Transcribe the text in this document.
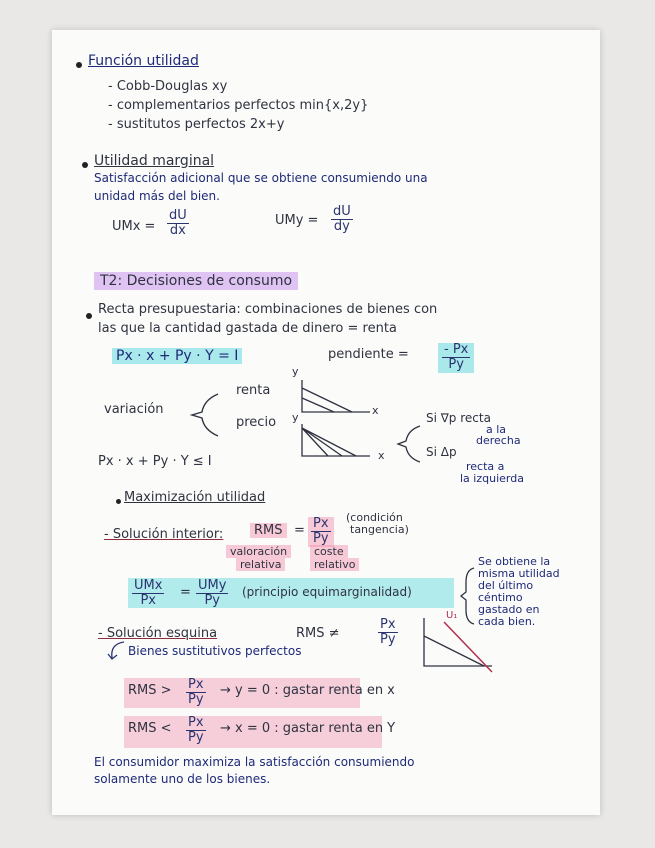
Función utilidad
- Cobb-Douglas xy
- complementarios perfectos min{x,2y}
- sustitutos perfectos 2x+y
Utilidad marginal
Satisfacción adicional que se obtiene consumiendo una
unidad más del bien.
UMx = $\frac{dU}{dx}$	UMy = $\frac{dU}{dy}$
T2: Decisiones de consumo
Recta presupuestaria: combinaciones de bienes con
las que la cantidad gastada de dinero = renta
Px · x + Py · Y = I	pendiente = $\frac{- Px}{Py}$
variación
renta
precio
y
x
y
x
Si ∇p recta
a la
derecha
Si Δp
recta a
la izquierda
Px · x + Py · Y ≤ I
Maximización utilidad
- Solución interior:	RMS = $\frac{Px}{Py}$ (condición
tangencia)
valoración
relativa
coste
relativo
UMx
Px
= UMy
Py
(principio equimarginalidad)
Se obtiene la
misma utilidad
del último
céntimo
gastado en
cada bien.
- Solución esquina	RMS ≠	$\frac{Px}{Py}$
Bienes sustitutivos perfectos
U₁
RMS > $\frac{Px}{Py} \to y = 0$ : gastar renta en x
RMS < $\frac{Px}{Py} \to x = 0$ : gastar renta en Y
El consumidor maximiza la satisfacción consumiendo
solamente uno de los bienes.
